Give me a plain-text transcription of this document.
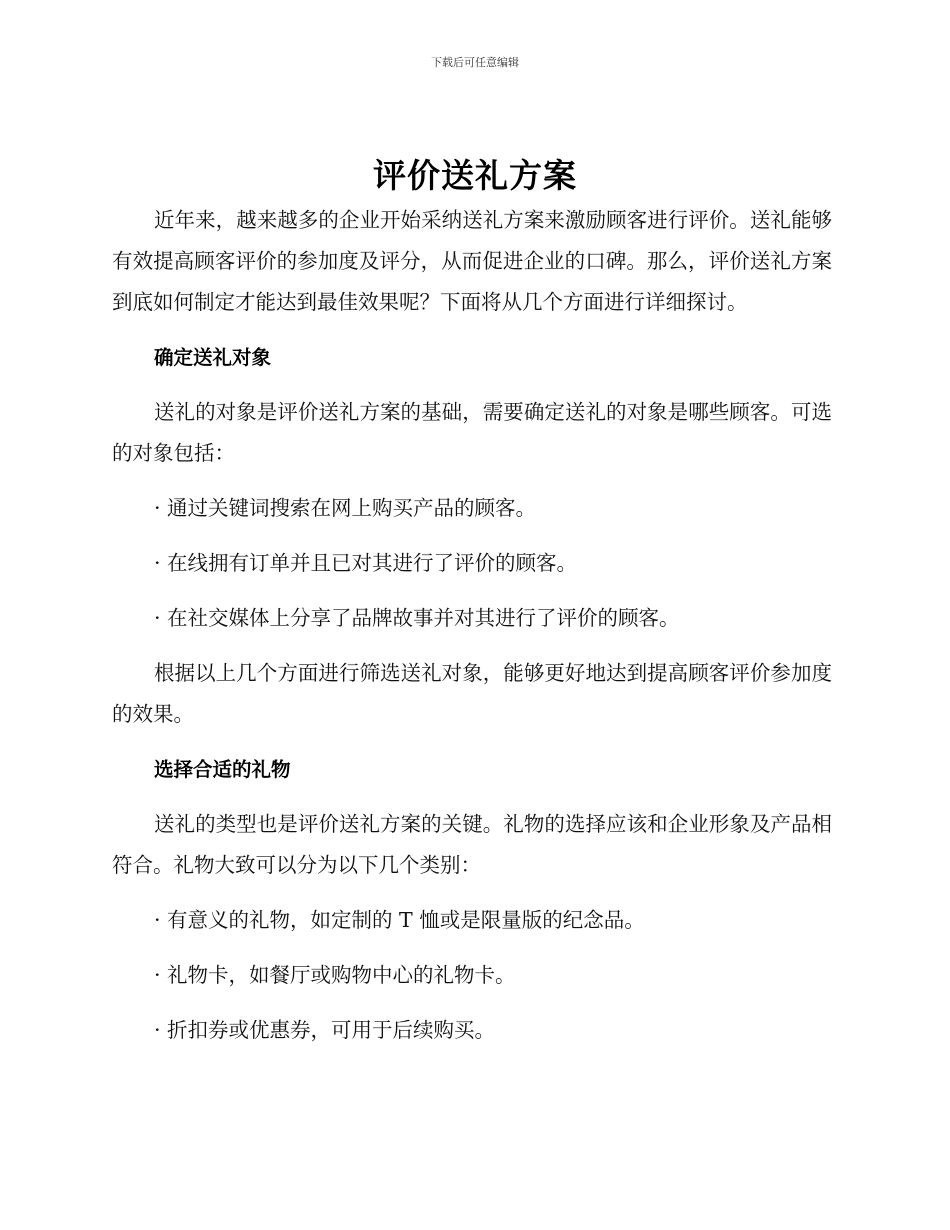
下载后可任意编辑
评价送礼方案

近年来，越来越多的企业开始采纳送礼方案来激励顾客进行评价。送礼能够有效提高顾客评价的参加度及评分，从而促进企业的口碑。那么，评价送礼方案到底如何制定才能达到最佳效果呢？下面将从几个方面进行详细探讨。

确定送礼对象

送礼的对象是评价送礼方案的基础，需要确定送礼的对象是哪些顾客。可选的对象包括：

· 通过关键词搜索在网上购买产品的顾客。

· 在线拥有订单并且已对其进行了评价的顾客。

· 在社交媒体上分享了品牌故事并对其进行了评价的顾客。

根据以上几个方面进行筛选送礼对象，能够更好地达到提高顾客评价参加度的效果。

选择合适的礼物

送礼的类型也是评价送礼方案的关键。礼物的选择应该和企业形象及产品相符合。礼物大致可以分为以下几个类别：

· 有意义的礼物，如定制的 T 恤或是限量版的纪念品。

· 礼物卡，如餐厅或购物中心的礼物卡。

· 折扣券或优惠券，可用于后续购买。
